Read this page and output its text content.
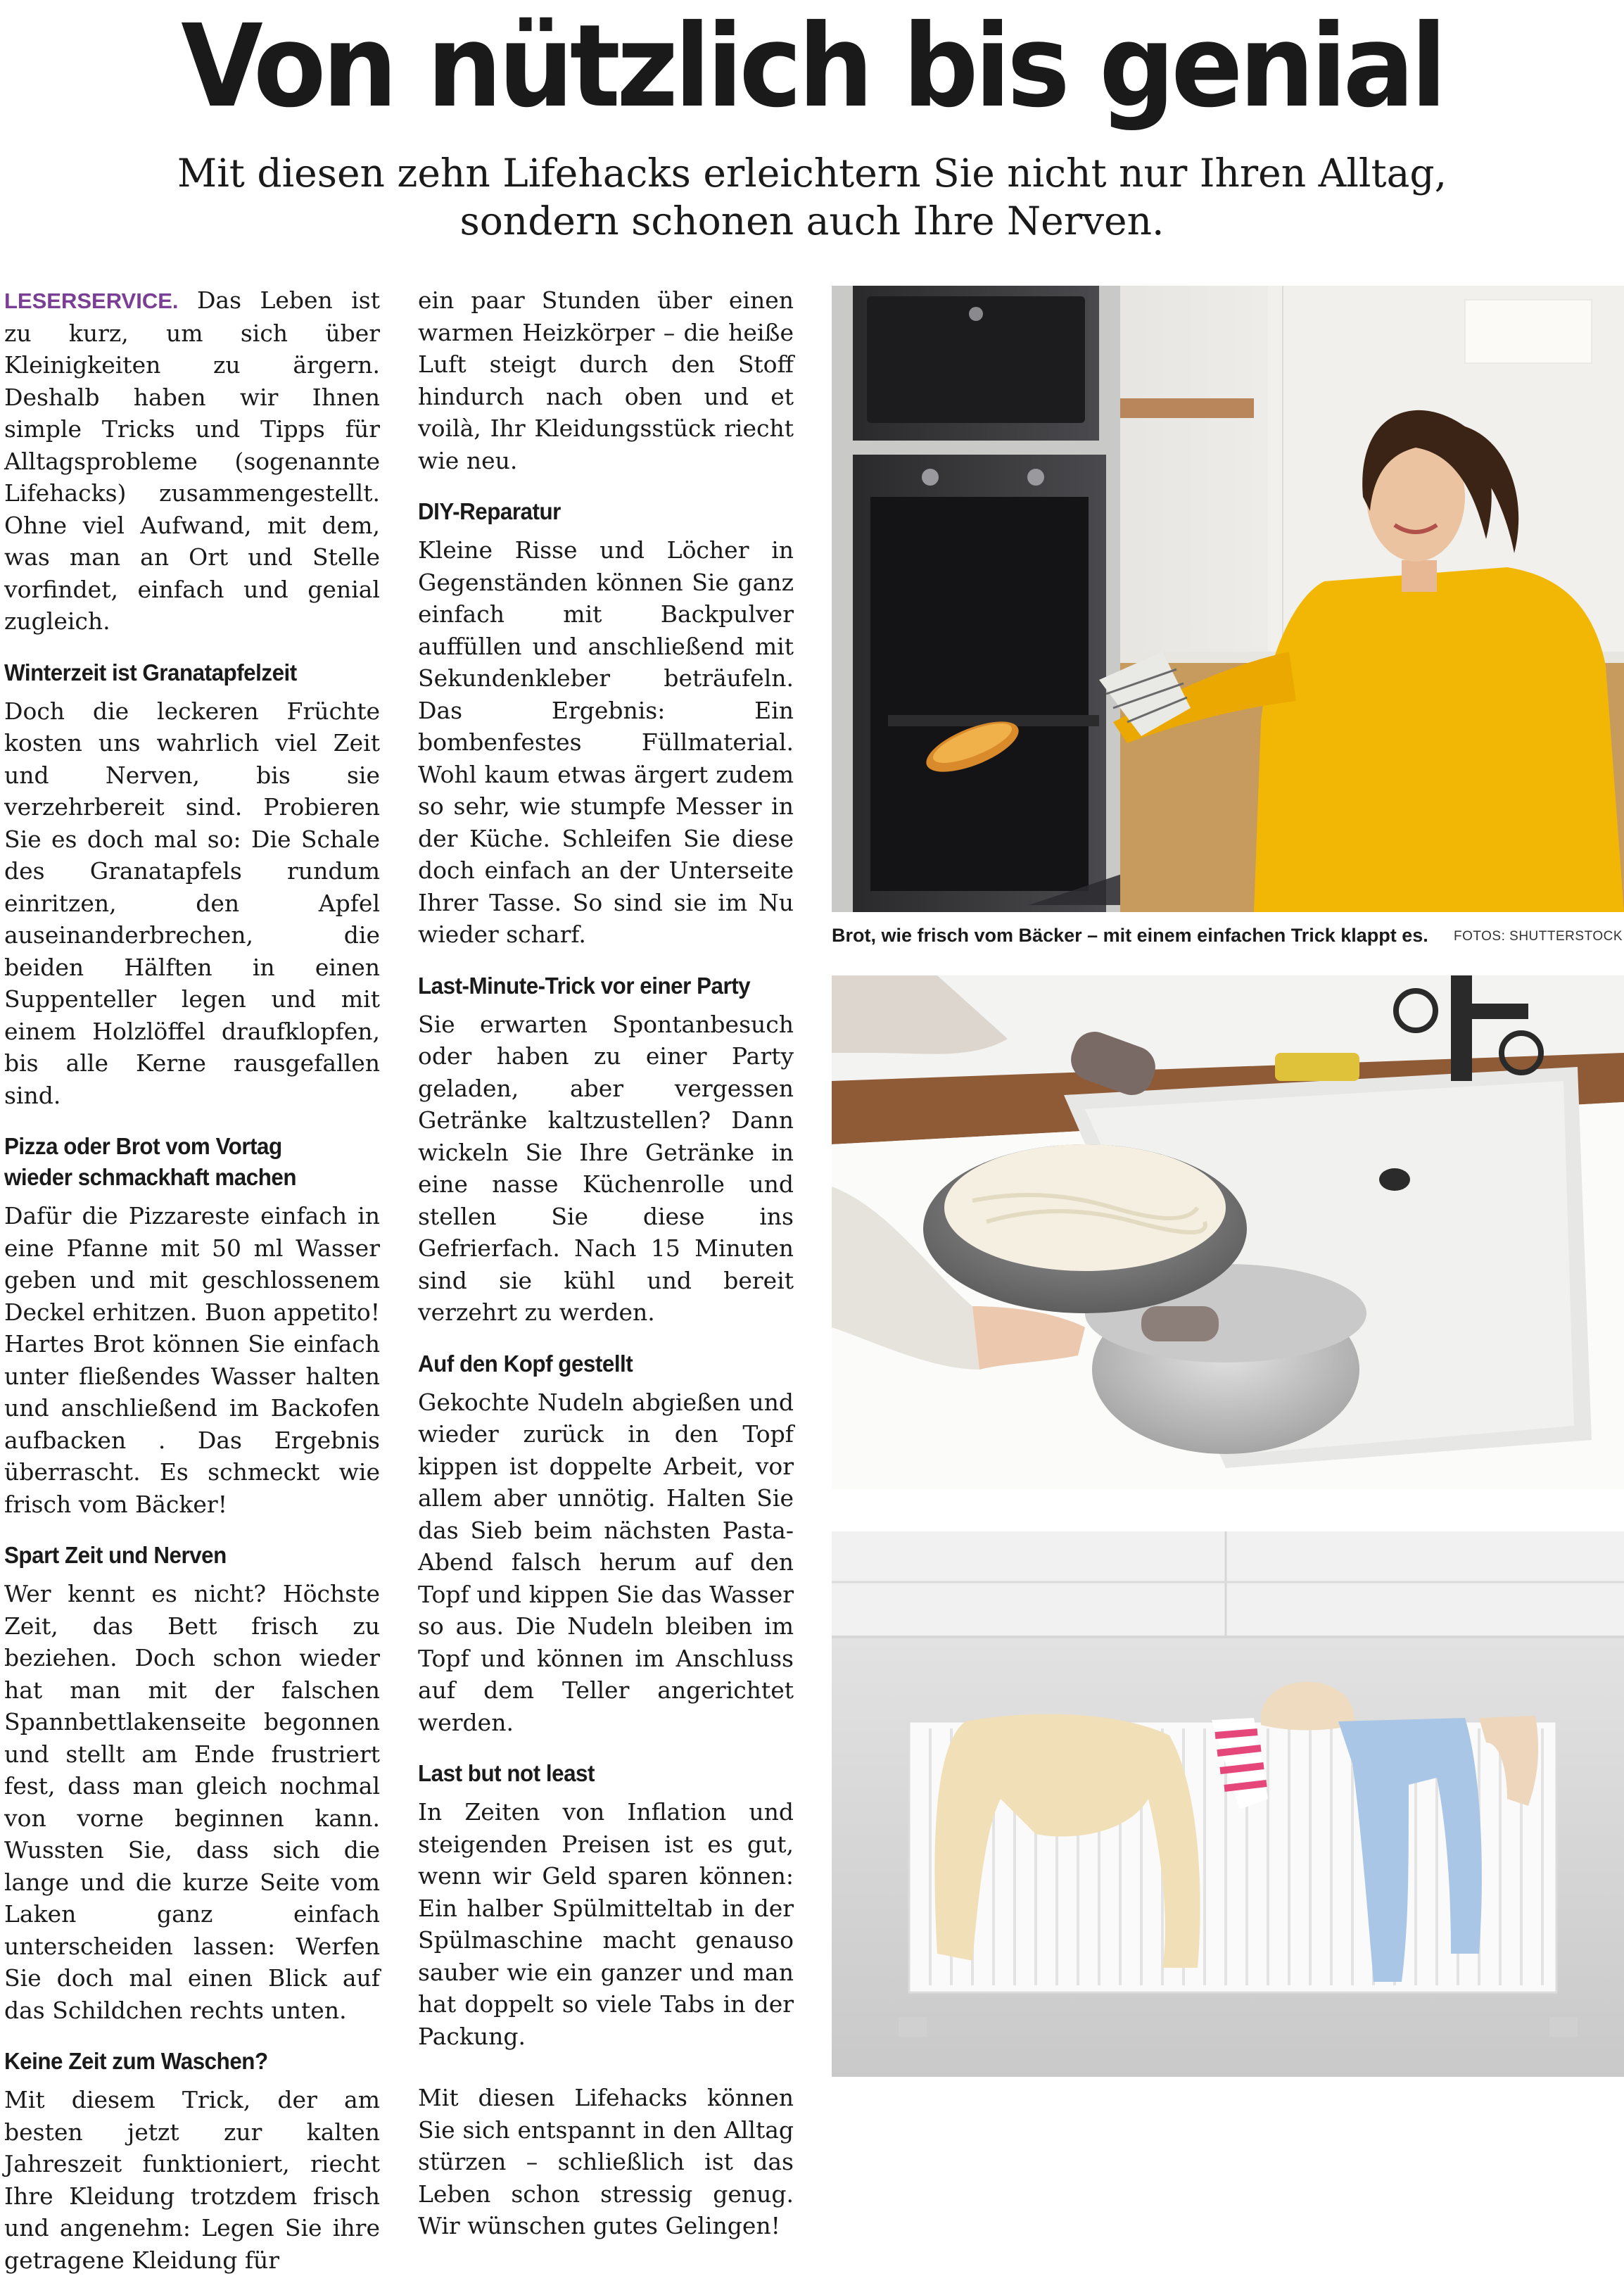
Von nützlich bis genial
Mit diesen zehn Lifehacks erleichtern Sie nicht nur Ihren Alltag,
sondern schonen auch Ihre Nerven.

LESERSERVICE. Das Leben ist zu kurz, um sich über Kleinigkeiten zu ärgern. Deshalb haben wir Ihnen simple Tricks und Tipps für Alltagsprobleme (sogenannte Lifehacks) zusammengestellt. Ohne viel Aufwand, mit dem, was man an Ort und Stelle vorfindet, einfach und genial zugleich.

Winterzeit ist Granatapfelzeit

Doch die leckeren Früchte kosten uns wahrlich viel Zeit und Nerven, bis sie verzehrbereit sind. Probieren Sie es doch mal so: Die Schale des Granatapfels rundum einritzen, den Apfel auseinanderbrechen, die beiden Hälften in einen Suppenteller legen und mit einem Holzlöffel draufklopfen, bis alle Kerne rausgefallen sind.

Pizza oder Brot vom Vortag
wieder schmackhaft machen

Dafür die Pizzareste einfach in eine Pfanne mit 50 ml Wasser geben und mit geschlossenem Deckel erhitzen. Buon appetito! Hartes Brot können Sie einfach unter fließendes Wasser halten und anschließend im Backofen aufbacken . Das Ergebnis überrascht. Es schmeckt wie frisch vom Bäcker!

Spart Zeit und Nerven

Wer kennt es nicht? Höchste Zeit, das Bett frisch zu beziehen. Doch schon wieder hat man mit der falschen Spannbettlakenseite begonnen und stellt am Ende frustriert fest, dass man gleich nochmal von vorne beginnen kann. Wussten Sie, dass sich die lange und die kurze Seite vom Laken ganz einfach unterscheiden lassen: Werfen Sie doch mal einen Blick auf das Schildchen rechts unten.

Keine Zeit zum Waschen?

Mit diesem Trick, der am besten jetzt zur kalten Jahreszeit funktioniert, riecht Ihre Kleidung trotzdem frisch und angenehm: Legen Sie ihre getragene Kleidung für

ein paar Stunden über einen warmen Heizkörper – die heiße Luft steigt durch den Stoff hindurch nach oben und et voilà, Ihr Kleidungsstück riecht wie neu.

DIY-Reparatur

Kleine Risse und Löcher in Gegenständen können Sie ganz einfach mit Backpulver auffüllen und anschließend mit Sekundenkleber beträufeln. Das Ergebnis: Ein bombenfestes Füllmaterial. Wohl kaum etwas ärgert zudem so sehr, wie stumpfe Messer in der Küche. Schleifen Sie diese doch einfach an der Unterseite Ihrer Tasse. So sind sie im Nu wieder scharf.

Last-Minute-Trick vor einer Party

Sie erwarten Spontanbesuch oder haben zu einer Party geladen, aber vergessen Getränke kaltzustellen? Dann wickeln Sie Ihre Getränke in eine nasse Küchenrolle und stellen Sie diese ins Gefrierfach. Nach 15 Minuten sind sie kühl und bereit verzehrt zu werden.

Auf den Kopf gestellt

Gekochte Nudeln abgießen und wieder zurück in den Topf kippen ist doppelte Arbeit, vor allem aber unnötig. Halten Sie das Sieb beim nächsten Pasta-Abend falsch herum auf den Topf und kippen Sie das Wasser so aus. Die Nudeln bleiben im Topf und können im Anschluss auf dem Teller angerichtet werden.

Last but not least

In Zeiten von Inflation und steigenden Preisen ist es gut, wenn wir Geld sparen können: Ein halber Spülmitteltab in der Spülmaschine macht genauso sauber wie ein ganzer und man hat doppelt so viele Tabs in der Packung.

Mit diesen Lifehacks können Sie sich entspannt in den Alltag stürzen – schließlich ist das Leben schon stressig genug. Wir wünschen gutes Gelingen!

Brot, wie frisch vom Bäcker – mit einem einfachen Trick klappt es. FOTOS: SHUTTERSTOCK
